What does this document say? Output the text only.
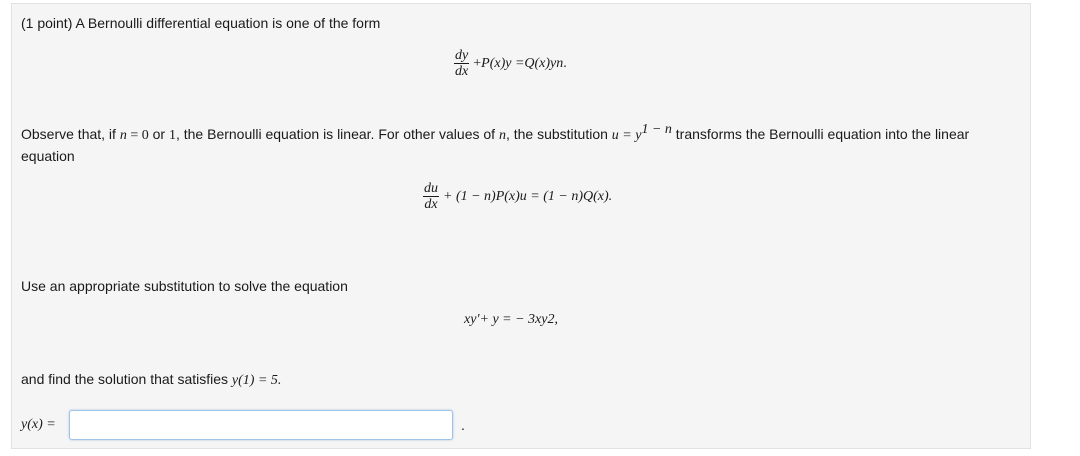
(1 point) A Bernoulli differential equation is one of the form
$\frac{dy}{dx} + P$ (x)y = Q (x)y n .
Observe that, if n = 0 or 1, the Bernoulli equation is linear. For other values of n, the substitution $u = y^{1 - n}$ transforms the Bernoulli equation into the linear
equation
$\frac{du}{dx} + (1 - n)P(x)u = (1 - n)Q(x)$.
Use an appropriate substitution to solve the equation
xy ′ + y = − 3xy 2 ,
and find the solution that satisfies y(1) = 5.
y(x) =	.
